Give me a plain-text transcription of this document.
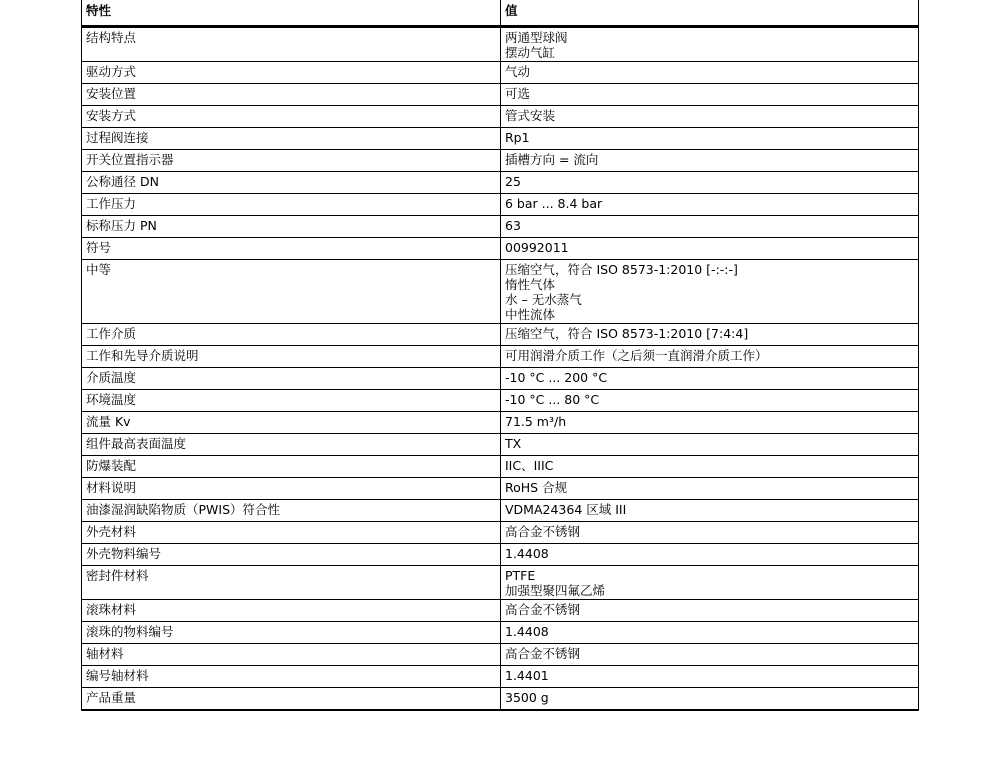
特性	值
结构特点	两通型球阀
摆动气缸

驱动方式	气动

安装位置	可选

安装方式	管式安装

过程阀连接	Rp1

开关位置指示器	插槽方向 = 流向

公称通径 DN	25

工作压力	6 bar ... 8.4 bar

标称压力 PN	63

符号	00992011

中等	压缩空气，符合 ISO 8573-1:2010 [-:-:-]
惰性气体
水 – 无水蒸气
中性流体

工作介质	压缩空气，符合 ISO 8573-1:2010 [7:4:4]

工作和先导介质说明	可用润滑介质工作（之后须一直润滑介质工作）

介质温度	-10 °C ... 200 °C

环境温度	-10 °C ... 80 °C

流量 Kv	71.5 m³/h

组件最高表面温度	TX

防爆装配	IIC、IIIC

材料说明	RoHS 合规

油漆湿润缺陷物质（PWIS）符合性	VDMA24364 区域 III

外壳材料	高合金不锈钢

外壳物料编号	1.4408

密封件材料	PTFE
加强型聚四氟乙烯

滚珠材料	高合金不锈钢

滚珠的物料编号	1.4408

轴材料	高合金不锈钢

编号轴材料	1.4401

产品重量	3500 g
